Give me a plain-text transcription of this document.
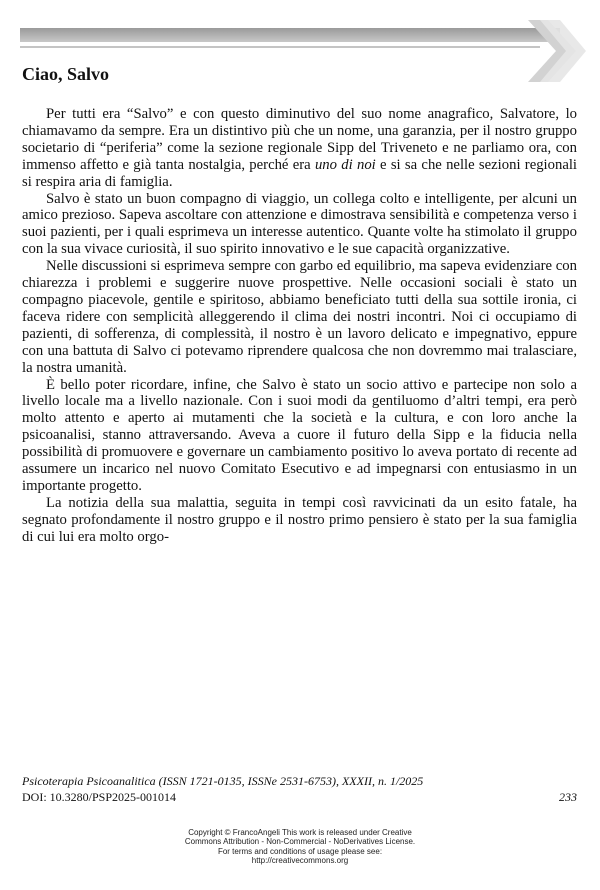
Ciao, Salvo

Per tutti era “Salvo” e con questo diminutivo del suo nome anagrafico, Salvatore, lo chiamavamo da sempre. Era un distintivo più che un nome, una garanzia, per il nostro gruppo societario di “periferia” come la sezione regionale Sipp del Triveneto e ne parliamo ora, con immenso affetto e già tanta nostalgia, perché era uno di noi e si sa che nelle sezioni regionali si respira aria di famiglia.

Salvo è stato un buon compagno di viaggio, un collega colto e intelligente, per alcuni un amico prezioso. Sapeva ascoltare con attenzione e dimostrava sensibilità e competenza verso i suoi pazienti, per i quali esprimeva un interesse autentico. Quante volte ha stimolato il gruppo con la sua vivace curiosità, il suo spirito innovativo e le sue capacità organizzative.

Nelle discussioni si esprimeva sempre con garbo ed equilibrio, ma sapeva evidenziare con chiarezza i problemi e suggerire nuove prospettive. Nelle occasioni sociali è stato un compagno piacevole, gentile e spiritoso, abbiamo beneficiato tutti della sua sottile ironia, ci faceva ridere con semplicità alleggerendo il clima dei nostri incontri. Noi ci occupiamo di pazienti, di sofferenza, di complessità, il nostro è un lavoro delicato e impegnativo, eppure con una battuta di Salvo ci potevamo riprendere qualcosa che non dovremmo mai tralasciare, la nostra umanità.

È bello poter ricordare, infine, che Salvo è stato un socio attivo e partecipe non solo a livello locale ma a livello nazionale. Con i suoi modi da gentiluomo d’altri tempi, era però molto attento e aperto ai mutamenti che la società e la cultura, e con loro anche la psicoanalisi, stanno attraversando. Aveva a cuore il futuro della Sipp e la fiducia nella possibilità di promuovere e governare un cambiamento positivo lo aveva portato di recente ad assumere un incarico nel nuovo Comitato Esecutivo e ad impegnarsi con entusiasmo in un importante progetto.

La notizia della sua malattia, seguita in tempi così ravvicinati da un esito fatale, ha segnato profondamente il nostro gruppo e il nostro primo pensiero è stato per la sua famiglia di cui lui era molto orgo-

Psicoterapia Psicoanalitica (ISSN 1721-0135, ISSNe 2531-6753), XXXII, n. 1/2025
DOI: 10.3280/PSP2025-001014	233
Copyright © FrancoAngeli This work is released under Creative
Commons Attribution - Non-Commercial - NoDerivatives License.
For terms and conditions of usage please see:
http://creativecommons.org
